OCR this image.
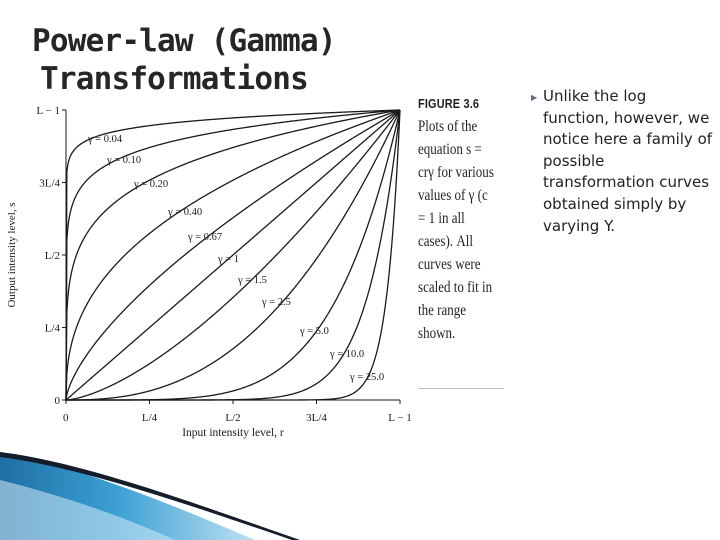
Power-law (Gamma)
Transformations
γ = 0.04
γ = 0.10
γ = 0.20
γ = 0.40
γ = 0.67
γ = 1
γ = 1.5
γ = 2.5
γ = 5.0
γ = 10.0
γ = 25.0
0	L/4	L/2	3L/4	L − 1
0
L/4
L/2
3L/4
L − 1
Input intensity level, r
Output intensity level, s
FIGURE 3.6 Plots of the equation s = crγ for various values of γ (c = 1 in all cases). All curves were scaled to fit in the range shown.
▶ Unlike the log function, however, we notice here a family of possible transformation curves obtained simply by varying Y.
